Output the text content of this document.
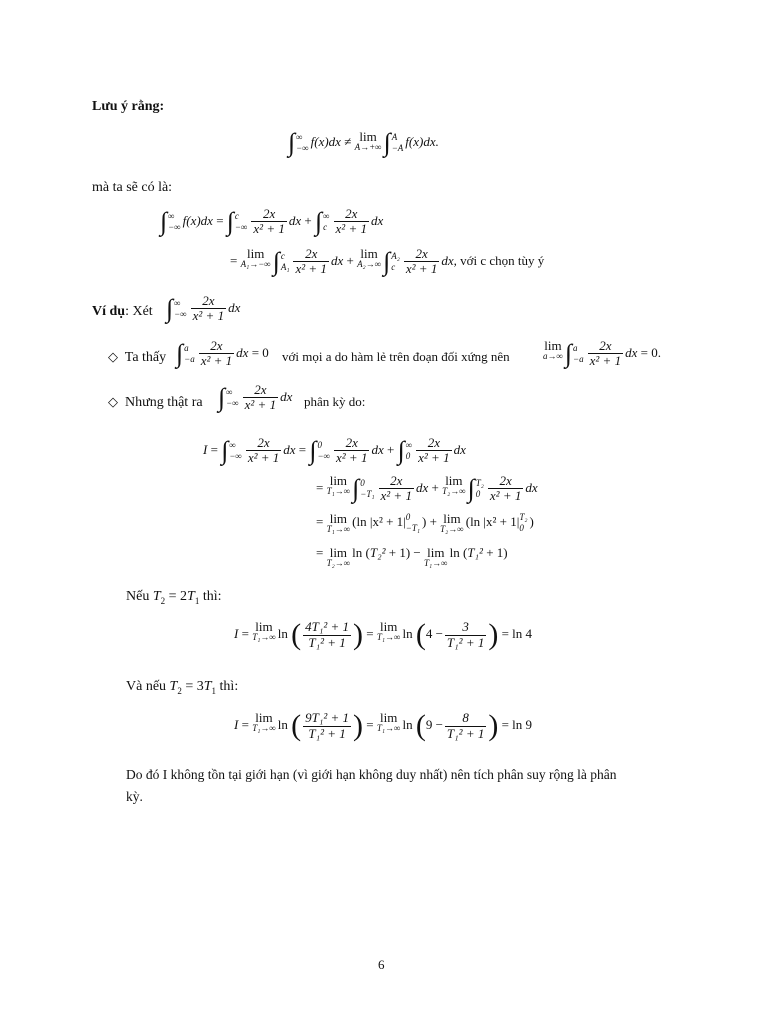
Lưu ý rằng:
∫ ∞
−∞ f(x)dx ≠ lim
A→+∞ ∫ A
−A f(x)dx.
mà ta sẽ có là:
∫ ∞
−∞ f(x)dx = ∫ c
−∞ $\frac{2x}{\text{x² + 1}}$ dx + ∫ ∞
c $\frac{2x}{\text{x² + 1}}$ dx
= lim
A₁→−∞ ∫ c
$A_1 \frac{2x}{\text{x² + 1}}$ dx + lim
A₂→∞ ∫ A₂
c $\frac{2x}{\text{x² + 1}}$ dx, với c chọn tùy ý
Ví dụ: Xét ∫ ∞
−∞ $\frac{2x}{\text{x² + 1}}$ dx
◇ Ta thấy ∫ a
$-a \frac{2x}{\text{x² + 1}}$ dx = 0 với mọi a do hàm lẻ trên đoạn đối xứng nên
lim
a→∞ ∫ a
$-a \frac{2x}{\text{x² + 1}}$ dx = 0.
◇ Nhưng thật ra ∫ ∞
−∞ $\frac{2x}{\text{x² + 1}}$ dx phân kỳ do:
I = ∫ ∞
−∞ $\frac{2x}{\text{x² + 1}}$ dx = ∫ 0
−∞ $\frac{2x}{\text{x² + 1}}$ dx + ∫ ∞
$0 \frac{2x}{\text{x² + 1}}$ dx
= lim
T₁→∞ ∫ 0
$-T_1 \frac{2x}{\text{x² + 1}}$ dx + lim
T₂→∞ ∫ T₂
$0 \frac{2x}{\text{x² + 1}}$ dx
= lim
T₁→∞ (ln |x² + 1| 0
−T₁ ) + lim
T₂→∞ (ln |x² + 1| T₂
0 )
= lim
T₂→∞
ln (T₂² + 1) − lim
T₁→∞
ln (T₁² + 1)
Nếu $T_2 = 2T_1$ thì:
I = lim
T₁→∞ ln ( $\frac{\text{4T₁² + 1}}{\text{T₁² + 1}}$ ) = lim
T₁→∞ $\ln (4 - \frac{3}{\text{T₁² + 1}}$ ) = ln 4
Và nếu $T_2 = 3T_1$ thì:
I = lim
T₁→∞ ln ( $\frac{\text{9T₁² + 1}}{\text{T₁² + 1}}$ ) = lim
T₁→∞ $\ln (9 - \frac{8}{\text{T₁² + 1}}$ ) = ln 9
Do đó I không tồn tại giới hạn (vì giới hạn không duy nhất) nên tích phân suy rộng là phân
kỳ.
6
